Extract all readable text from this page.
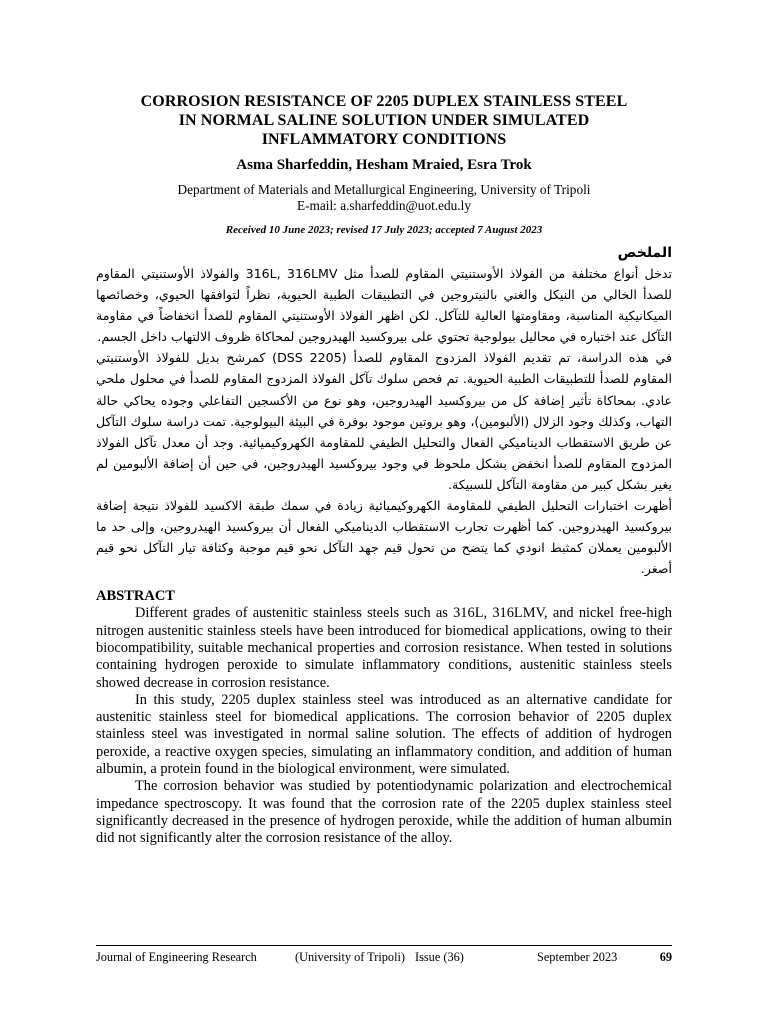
CORROSION RESISTANCE OF 2205 DUPLEX STAINLESS STEEL
IN NORMAL SALINE SOLUTION UNDER SIMULATED
INFLAMMATORY CONDITIONS
Asma Sharfeddin, Hesham Mraied, Esra Trok
Department of Materials and Metallurgical Engineering, University of Tripoli
E-mail: a.sharfeddin@uot.edu.ly
Received 10 June 2023; revised 17 July 2023; accepted 7 August 2023
الملخص

تدخل أنواع مختلفة من الفولاذ الأوستنيتي المقاوم للصدأ مثل 316L, 316LMV والفولاذ الأوستنيتي المقاوم للصدأ الخالي من النيكل والغني بالنيتروجين في التطبيقات الطبية الحيوية، نظراً لتوافقها الحيوي، وخصائصها الميكانيكية المناسبة، ومقاومتها العالية للتآكل. لكن اظهر الفولاذ الأوستنيتي المقاوم للصدأ انخفاضاً في مقاومة التآكل عند اختباره في محاليل بيولوجية تحتوي على بيروكسيد الهيدروجين لمحاكاة ظروف الالتهاب داخل الجسم.

في هذه الدراسة، تم تقديم الفولاذ المزدوج المقاوم للصدأ (DSS 2205) كمرشح بديل للفولاذ الأوستنيتي المقاوم للصدأ للتطبيقات الطبية الحيوية. تم فحص سلوك تآكل الفولاذ المزدوج المقاوم للصدأ في محلول ملحي عادي. بمحاكاة تأثير إضافة كل من بيروكسيد الهيدروجين، وهو نوع من الأكسجين التفاعلي وجوده يحاكي حالة التهاب، وكذلك وجود الزلال (الألبومين)، وهو بروتين موجود بوفرة في البيئة البيولوجية. تمت دراسة سلوك التآكل عن طريق الاستقطاب الديناميكي الفعال والتحليل الطيفي للمقاومة الكهروكيميائية. وجد أن معدل تآكل الفولاذ المزدوج المقاوم للصدأ انخفض بشكل ملحوظ في وجود بيروكسيد الهيدروجين، في حين أن إضافة الألبومين لم يغير بشكل كبير من مقاومة التآكل للسبيكة.

أظهرت اختبارات التحليل الطيفي للمقاومة الكهروكيميائية زيادة في سمك طبقة الاكسيد للفولاذ نتيجة إضافة بيروكسيد الهيدروجين. كما أظهرت تجارب الاستقطاب الديناميكي الفعال أن بيروكسيد الهيدروجين، وإلى حد ما الألبومين يعملان كمثبط انودي كما يتضح من تحول قيم جهد التآكل نحو قيم موجبة وكثافة تيار التآكل نحو قيم أصغر.

ABSTRACT

Different grades of austenitic stainless steels such as 316L, 316LMV, and nickel free-high nitrogen austenitic stainless steels have been introduced for biomedical applications, owing to their biocompatibility, suitable mechanical properties and corrosion resistance. When tested in solutions containing hydrogen peroxide to simulate inflammatory conditions, austenitic stainless steels showed decrease in corrosion resistance.

In this study, 2205 duplex stainless steel was introduced as an alternative candidate for austenitic stainless steel for biomedical applications. The corrosion behavior of 2205 duplex stainless steel was investigated in normal saline solution. The effects of addition of hydrogen peroxide, a reactive oxygen species, simulating an inflammatory condition, and addition of human albumin, a protein found in the biological environment, were simulated.

The corrosion behavior was studied by potentiodynamic polarization and electrochemical impedance spectroscopy. It was found that the corrosion rate of the 2205 duplex stainless steel significantly decreased in the presence of hydrogen peroxide, while the addition of human albumin did not significantly alter the corrosion resistance of the alloy.

Journal of Engineering Research	(University of Tripoli) Issue (36)	September 2023	69
